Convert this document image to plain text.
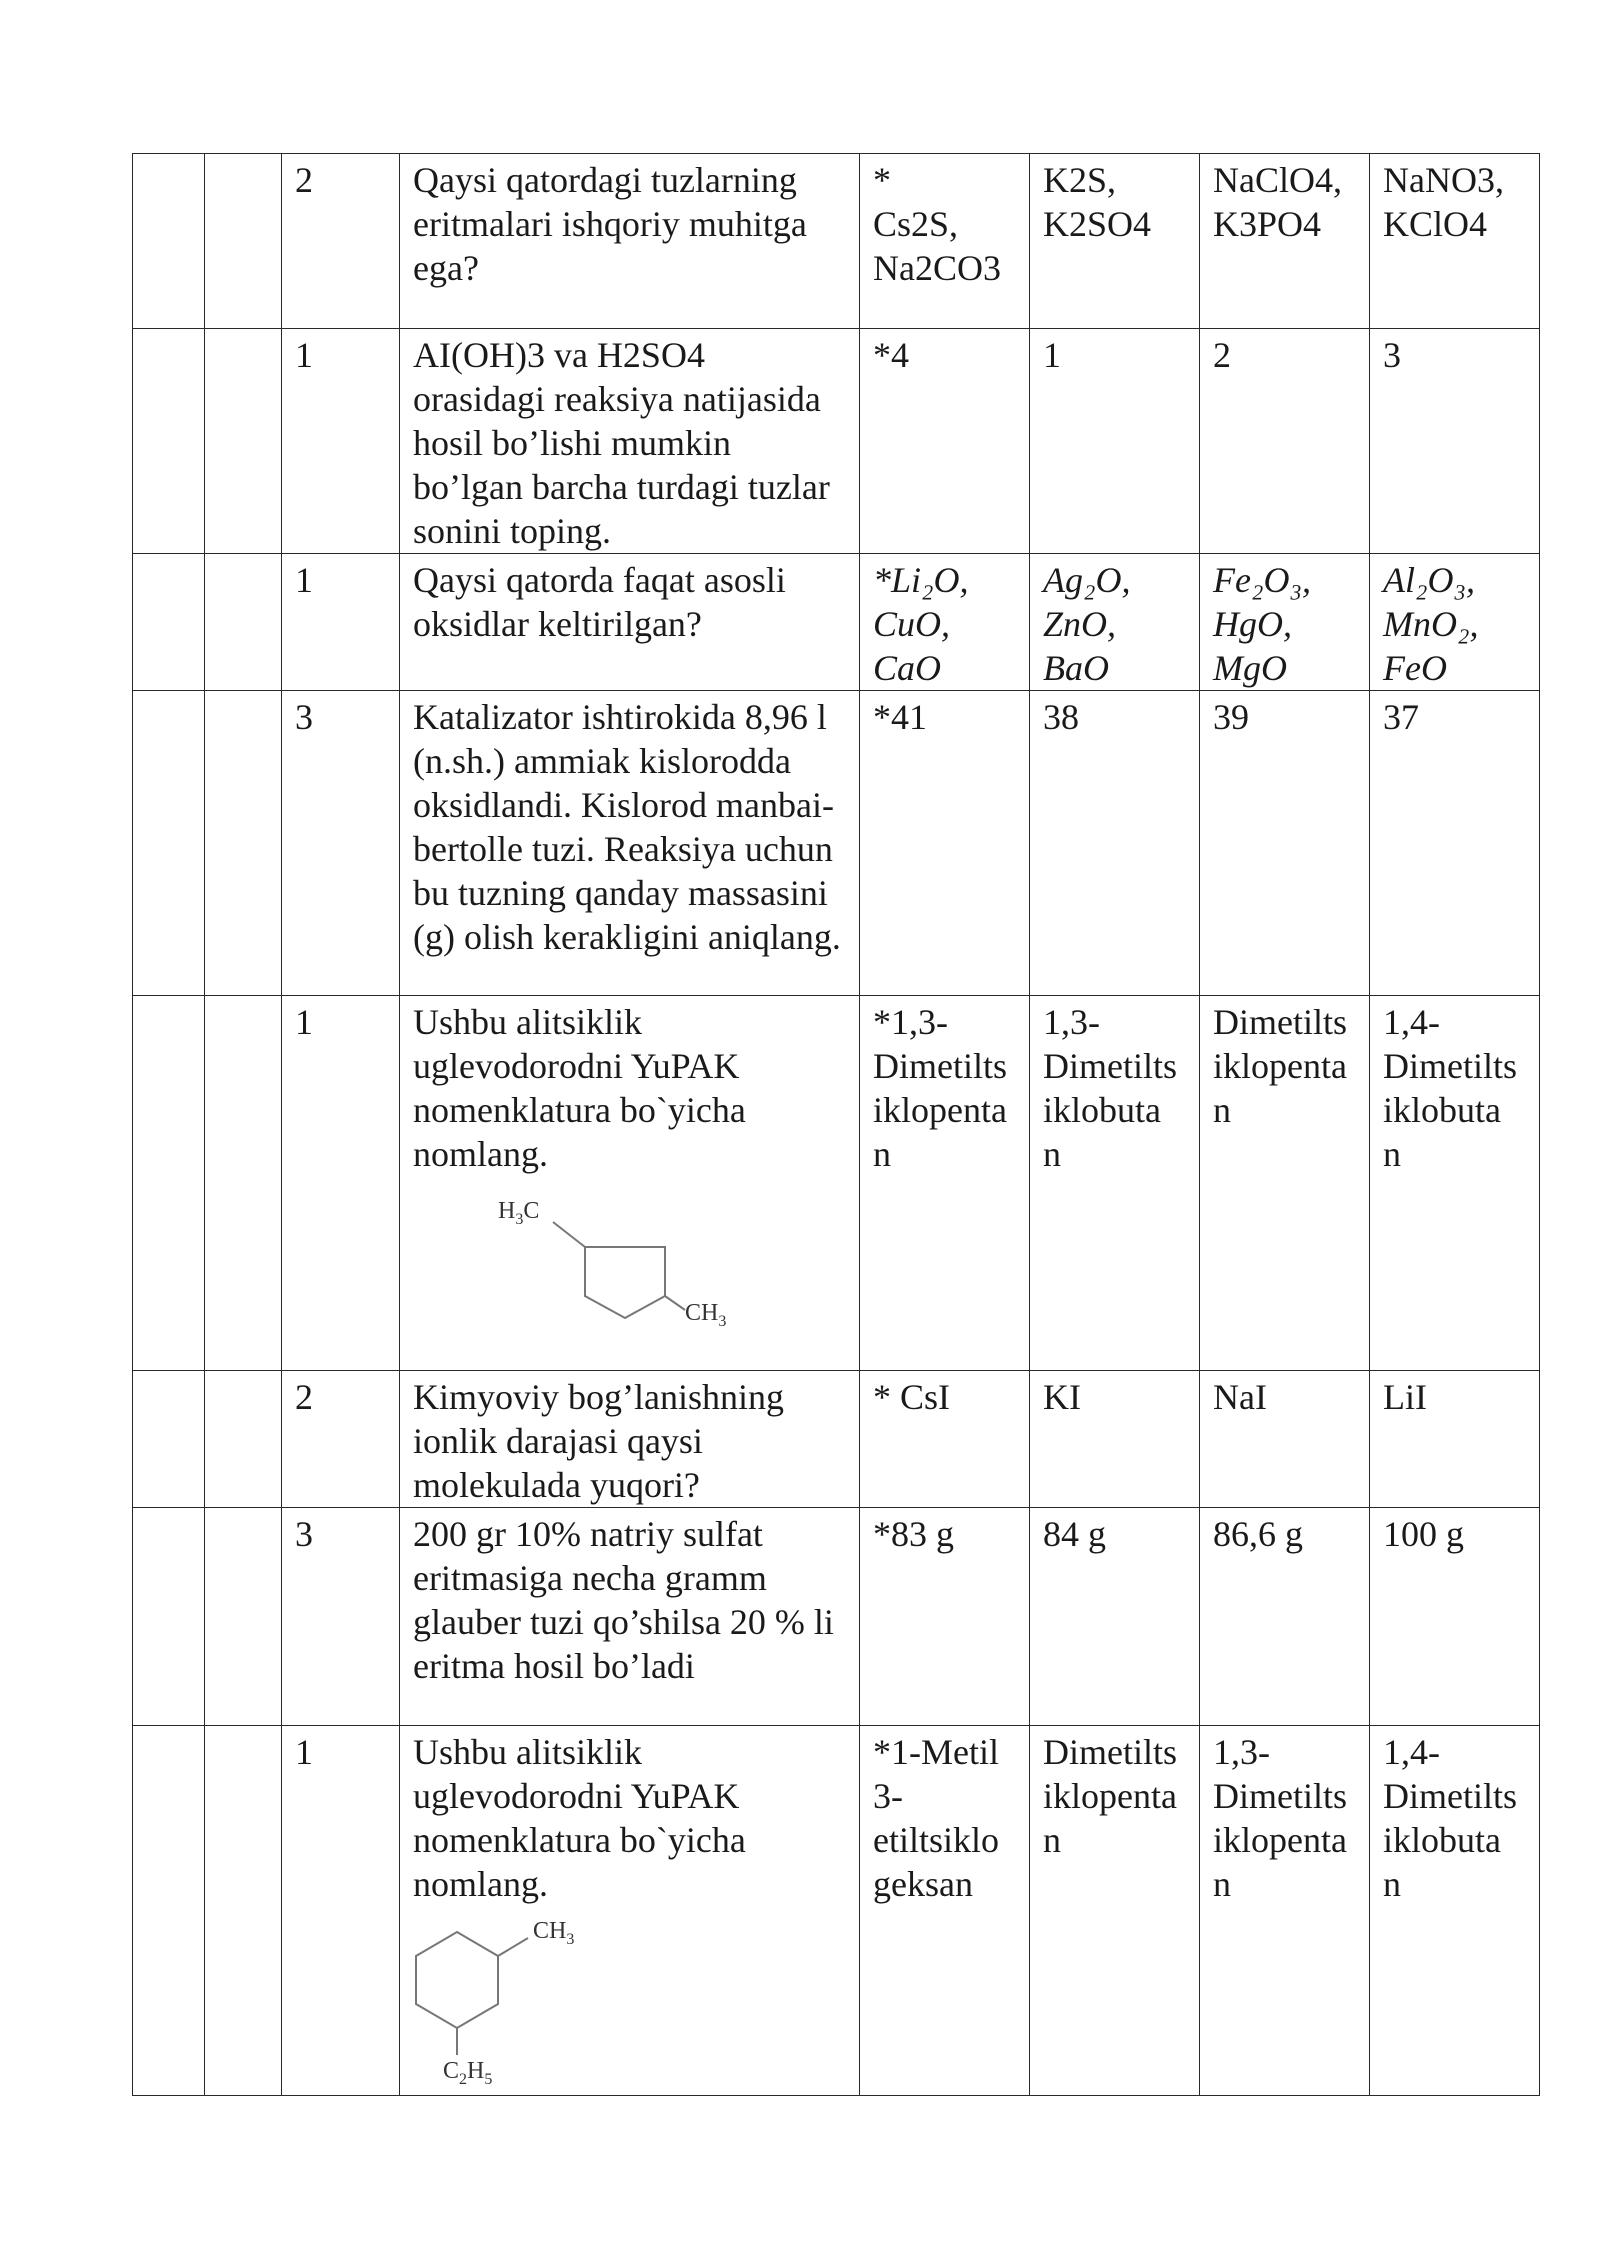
		2	Qaysi qatordagi tuzlarning eritmalari ishqoriy muhitga ega?	*
Cs2S,
Na2CO3	K2S,
K2SO4	NaClO4,
K3PO4	NaNO3,
KClO4
		1	AI(OH)3 va H2SO4
orasidagi reaksiya natijasida hosil bo’lishi mumkin bo’lgan barcha turdagi tuzlar sonini toping.	*4	1	2	3
		1	Qaysi qatorda faqat asosli oksidlar keltirilgan?	*Li₂O,
CuO,
CaO	Ag₂O,
ZnO,
BaO	Fe₂O₃,
HgO,
MgO	Al₂O₃,
MnO₂,
FeO
		3	Katalizator ishtirokida 8,96 l (n.sh.) ammiak kislorodda oksidlandi. Kislorod manbai-bertolle tuzi. Reaksiya uchun bu tuzning qanday massasini (g) olish kerakligini aniqlang.	*41	38	39	37
		1	Ushbu alitsiklik uglevodorodni YuPAK nomenklatura bo`yicha nomlang.
$H_3C$
$CH_3$	*1,3-
Dimetilts
iklopenta
n	1,3-
Dimetilts
iklobuta
n	Dimetilts
iklopenta
n	1,4-
Dimetilts
iklobuta
n
		2	Kimyoviy bog’lanishning ionlik darajasi qaysi molekulada yuqori?	* CsI	KI	NaI	LiI
		3	200 gr 10% natriy sulfat eritmasiga necha gramm glauber tuzi qo’shilsa 20 % li eritma hosil bo’ladi	*83 g	84 g	86,6 g	100 g
		1	Ushbu alitsiklik uglevodorodni YuPAK nomenklatura bo`yicha nomlang.
$CH_3$
$C_2H_5$	*1-Metil
3-
etiltsiklo
geksan	Dimetilts
iklopenta
n	1,3-
Dimetilts
iklopenta
n	1,4-
Dimetilts
iklobuta
n
